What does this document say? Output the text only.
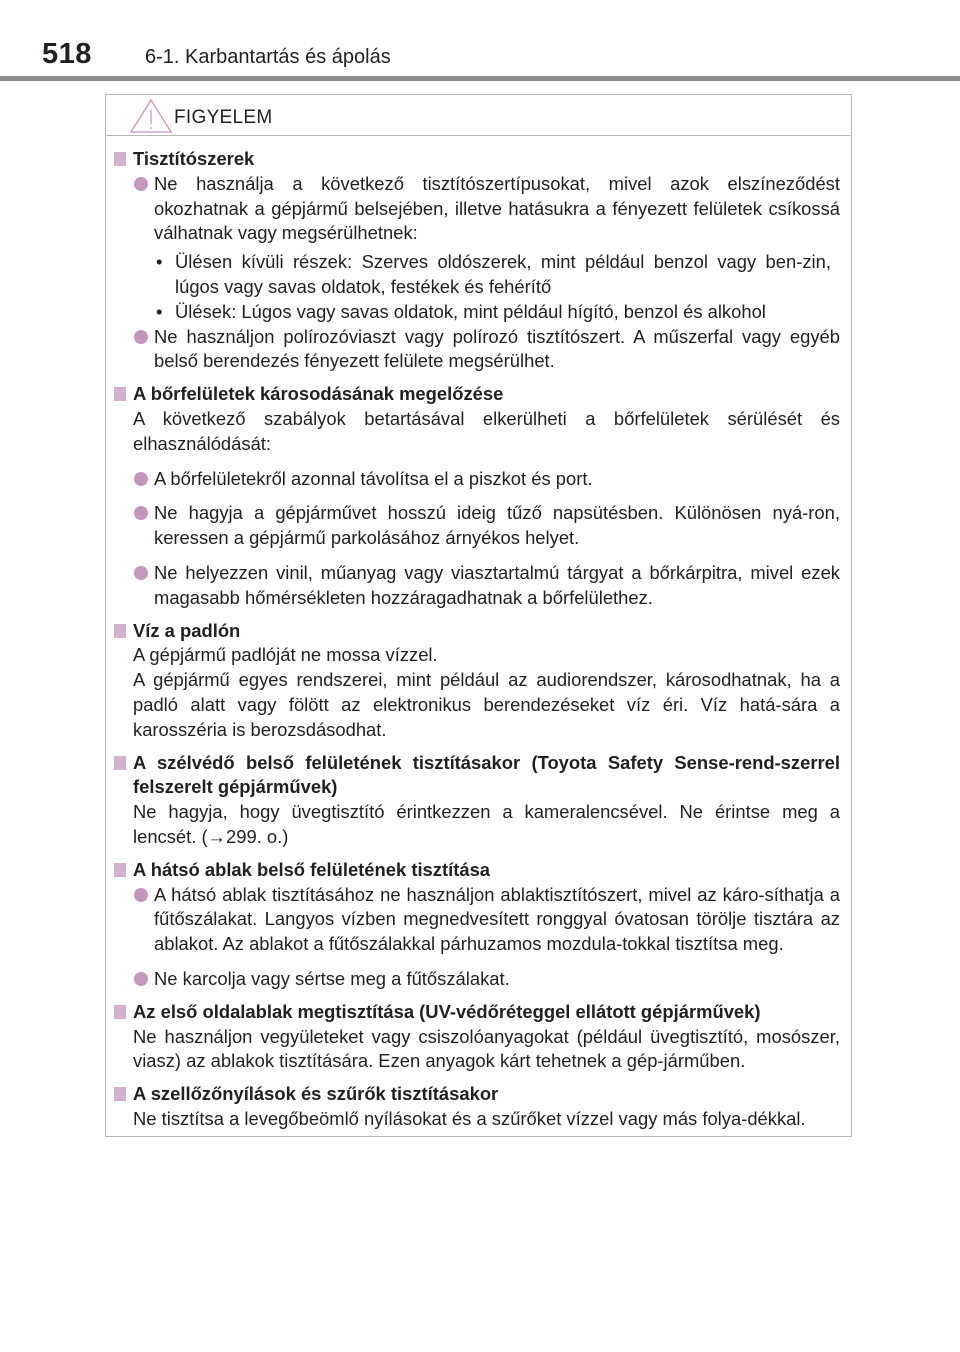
518	6-1. Karbantartás és ápolás
FIGYELEM
Tisztítószerek
Ne használja a következő tisztítószertípusokat, mivel azok elszíneződést okozhatnak a gépjármű belsejében, illetve hatásukra a fényezett felületek csíkossá válhatnak vagy megsérülhetnek:
• Ülésen kívüli részek: Szerves oldószerek, mint például benzol vagy ben-zin, lúgos vagy savas oldatok, festékek és fehérítő
• Ülések: Lúgos vagy savas oldatok, mint például hígító, benzol és alkohol
Ne használjon polírozóviaszt vagy polírozó tisztítószert. A műszerfal vagy egyéb belső berendezés fényezett felülete megsérülhet.
A bőrfelületek károsodásának megelőzése
A következő szabályok betartásával elkerülheti a bőrfelületek sérülését és elhasználódását:
A bőrfelületekről azonnal távolítsa el a piszkot és port.
Ne hagyja a gépjárművet hosszú ideig tűző napsütésben. Különösen nyá-ron, keressen a gépjármű parkolásához árnyékos helyet.
Ne helyezzen vinil, műanyag vagy viasztartalmú tárgyat a bőrkárpitra, mivel ezek magasabb hőmérsékleten hozzáragadhatnak a bőrfelülethez.
Víz a padlón
A gépjármű padlóját ne mossa vízzel.
A gépjármű egyes rendszerei, mint például az audiorendszer, károsodhatnak, ha a padló alatt vagy fölött az elektronikus berendezéseket víz éri. Víz hatá-sára a karosszéria is berozsdásodhat.
A szélvédő belső felületének tisztításakor (Toyota Safety Sense-rend-szerrel felszerelt gépjárművek)
Ne hagyja, hogy üvegtisztító érintkezzen a kameralencsével. Ne érintse meg a lencsét. (→299. o.)
A hátsó ablak belső felületének tisztítása
A hátsó ablak tisztításához ne használjon ablaktisztítószert, mivel az káro-síthatja a fűtőszálakat. Langyos vízben megnedvesített ronggyal óvatosan törölje tisztára az ablakot. Az ablakot a fűtőszálakkal párhuzamos mozdula-tokkal tisztítsa meg.
Ne karcolja vagy sértse meg a fűtőszálakat.
Az első oldalablak megtisztítása (UV-védőréteggel ellátott gépjárművek)
Ne használjon vegyületeket vagy csiszolóanyagokat (például üvegtisztító, mosószer, viasz) az ablakok tisztítására. Ezen anyagok kárt tehetnek a gép-járműben.
A szellőzőnyílások és szűrők tisztításakor
Ne tisztítsa a levegőbeömlő nyílásokat és a szűrőket vízzel vagy más folya-dékkal.
